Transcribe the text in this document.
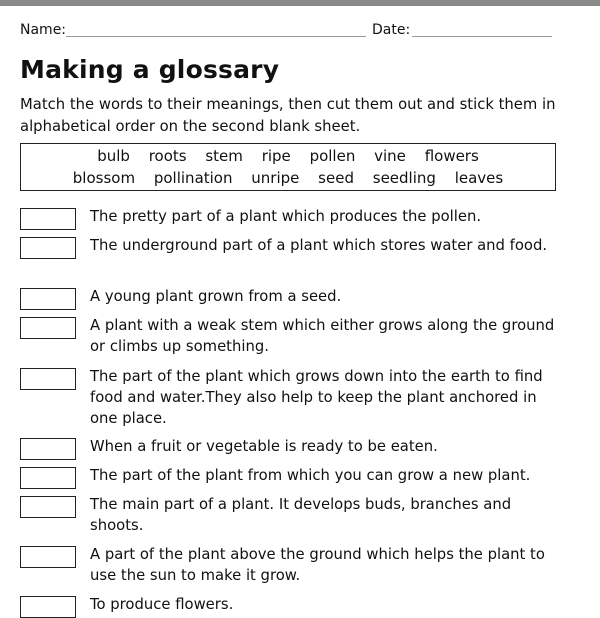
Name:	Date:
Making a glossary

Match the words to their meanings, then cut them out and stick them in alphabetical order on the second blank sheet.

bulb roots stem ripe pollen vine flowers
blossom pollination unripe seed seedling leaves
The pretty part of a plant which produces the pollen.
The underground part of a plant which stores water and food.
A young plant grown from a seed.
A plant with a weak stem which either grows along the ground or climbs up something.
The part of the plant which grows down into the earth to find food and water.They also help to keep the plant anchored in one place.
When a fruit or vegetable is ready to be eaten.
The part of the plant from which you can grow a new plant.
The main part of a plant. It develops buds, branches and shoots.
A part of the plant above the ground which helps the plant to use the sun to make it grow.
To produce flowers.
